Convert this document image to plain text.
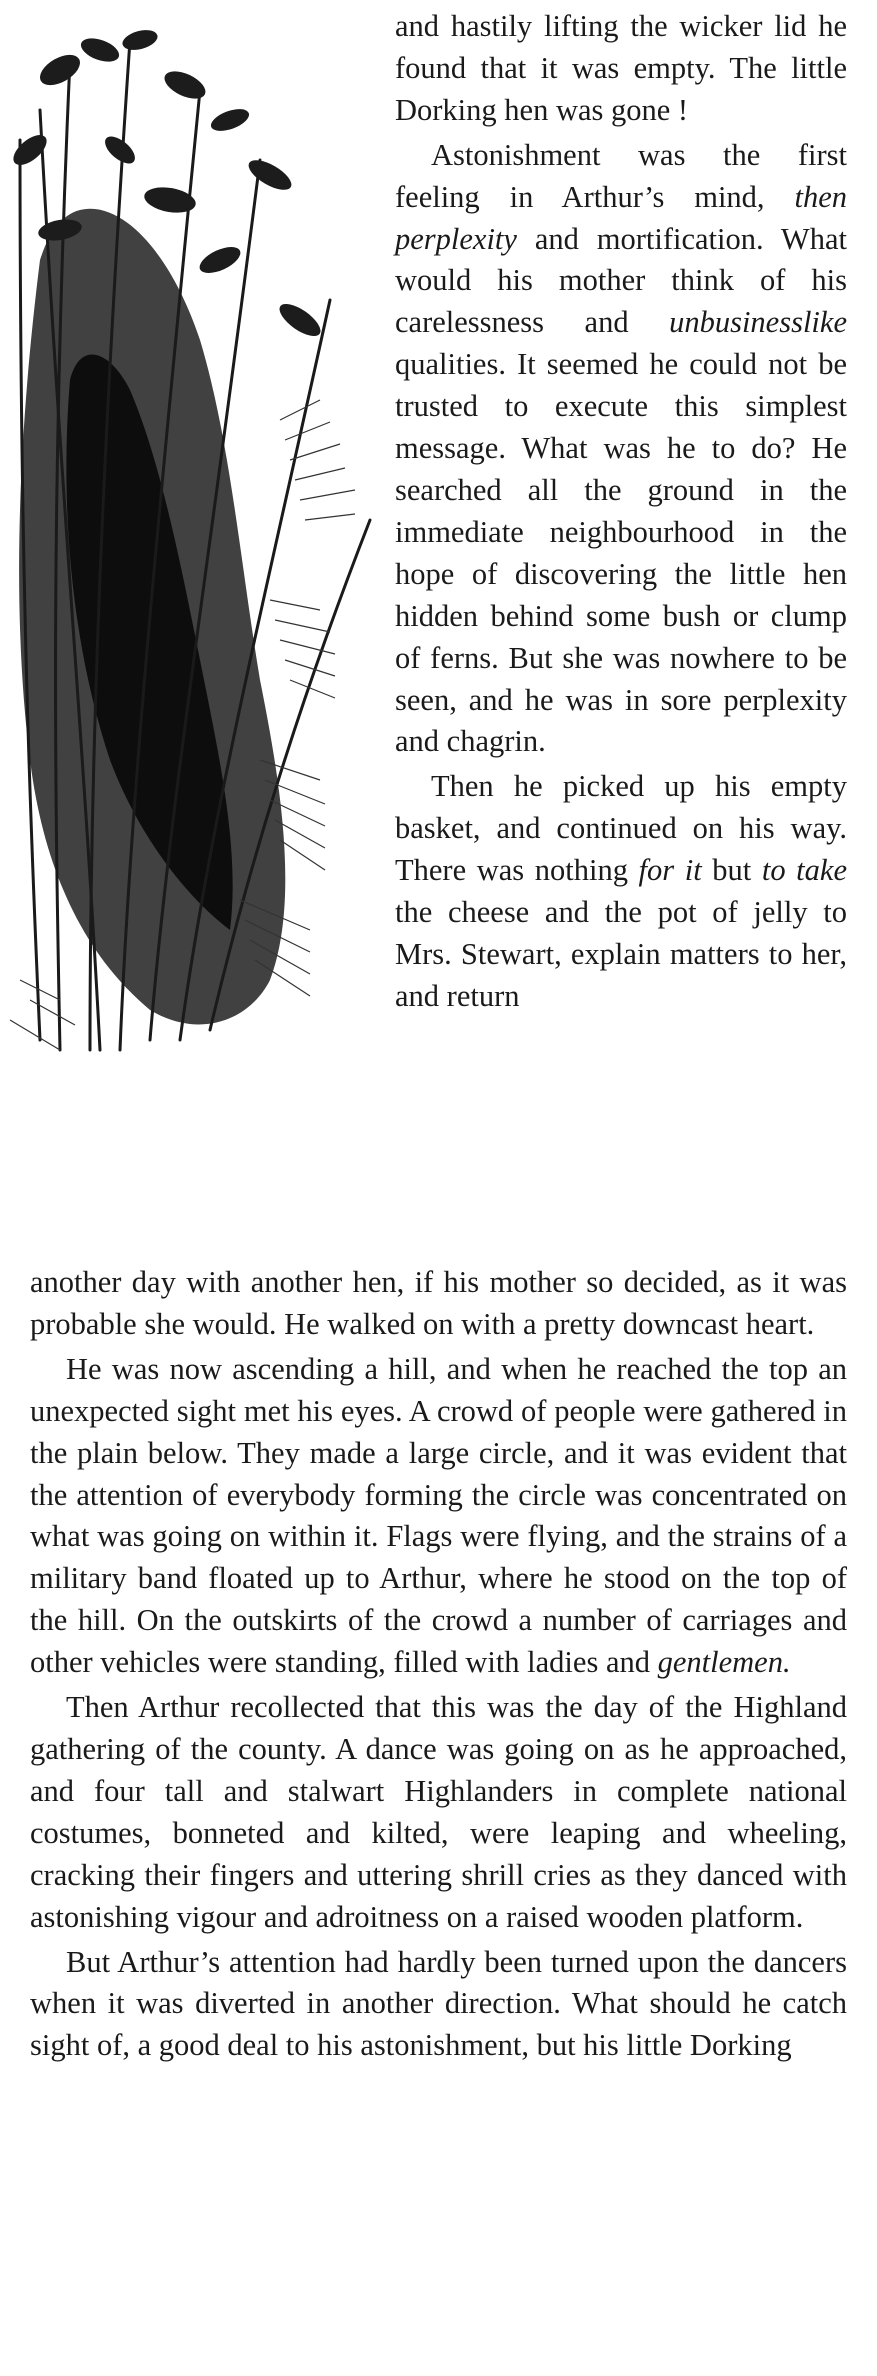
and hastily lifting the wicker lid he found that it was empty. The little Dorking hen was gone !

Astonishment was the first feeling in Arthur’s mind, then perplexity and mortification. What would his mother think of his carelessness and unbusinesslike qualities. It seemed he could not be trusted to execute this simplest message. What was he to do? He searched all the ground in the immediate neighbourhood in the hope of discovering the little hen hidden behind some bush or clump of ferns. But she was nowhere to be seen, and he was in sore perplexity and chagrin.

Then he picked up his empty basket, and continued on his way. There was nothing for it but to take the cheese and the pot of jelly to Mrs. Stewart, explain matters to her, and return

another day with another hen, if his mother so decided, as it was probable she would. He walked on with a pretty downcast heart.

He was now ascending a hill, and when he reached the top an unexpected sight met his eyes. A crowd of people were gathered in the plain below. They made a large circle, and it was evident that the attention of everybody forming the circle was concentrated on what was going on within it. Flags were flying, and the strains of a military band floated up to Arthur, where he stood on the top of the hill. On the outskirts of the crowd a number of carriages and other vehicles were standing, filled with ladies and gentlemen.

Then Arthur recollected that this was the day of the Highland gathering of the county. A dance was going on as he approached, and four tall and stalwart Highlanders in complete national costumes, bonneted and kilted, were leaping and wheeling, cracking their fingers and uttering shrill cries as they danced with astonishing vigour and adroitness on a raised wooden platform.

But Arthur’s attention had hardly been turned upon the dancers when it was diverted in another direction. What should he catch sight of, a good deal to his astonishment, but his little Dorking
